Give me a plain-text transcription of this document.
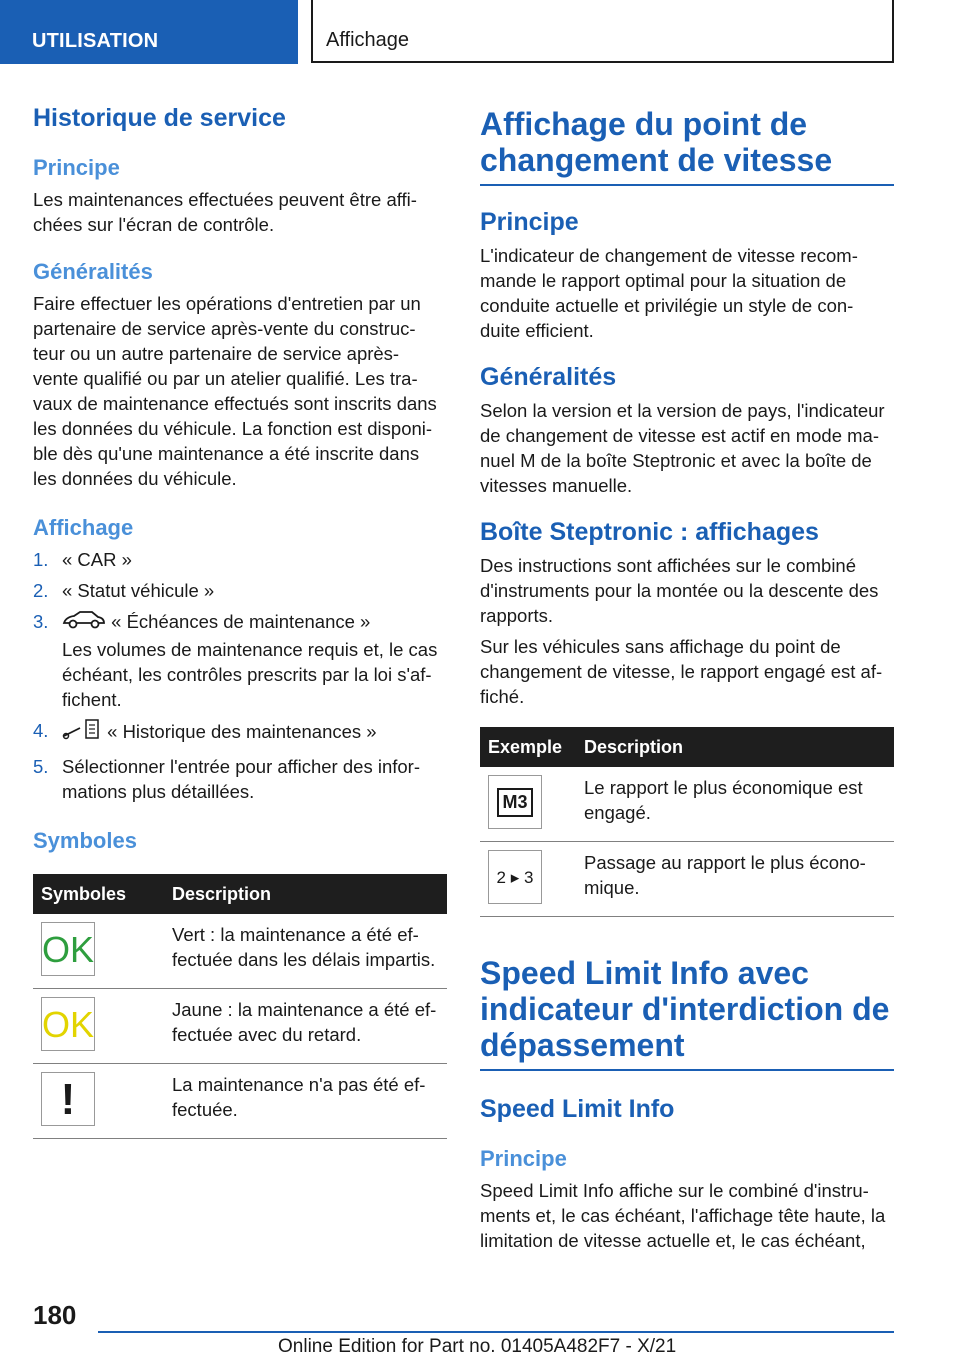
UTILISATION	Affichage
Historique de service
Principe

Les maintenances effectuées peuvent être affi‐ chées sur l'écran de contrôle.

Généralités

Faire effectuer les opérations d'entretien par un partenaire de service après-vente du construc‐ teur ou un autre partenaire de service après- vente qualifié ou par un atelier qualifié. Les tra‐ vaux de maintenance effectués sont inscrits dans les données du véhicule. La fonction est disponi‐ ble dès qu'une maintenance a été inscrite dans les données du véhicule.

Affichage
1. « CAR »
2. « Statut véhicule »
3.	« Échéances de maintenance »
Les volumes de maintenance requis et, le cas échéant, les contrôles prescrits par la loi s'af‐ fichent.
4.	« Historique des maintenances »
5. Sélectionner l'entrée pour afficher des infor‐ mations plus détaillées.
Symboles
Symboles	Description

OK	Vert : la maintenance a été ef‐ fectuée dans les délais impartis.

OK	Jaune : la maintenance a été ef‐ fectuée avec du retard.

!	La maintenance n'a pas été ef‐ fectuée.
Affichage du point de changement de vitesse
Principe

L'indicateur de changement de vitesse recom‐ mande le rapport optimal pour la situation de conduite actuelle et privilégie un style de con‐ duite efficient.

Généralités

Selon la version et la version de pays, l'indicateur de changement de vitesse est actif en mode ma‐ nuel M de la boîte Steptronic et avec la boîte de vitesses manuelle.

Boîte Steptronic : affichages

Des instructions sont affichées sur le combiné d'instruments pour la montée ou la descente des rapports.

Sur les véhicules sans affichage du point de changement de vitesse, le rapport engagé est af‐ fiché.

Exemple	Description

M3	Le rapport le plus économique est engagé.

2 ▸ 3	Passage au rapport le plus écono‐ mique.
Speed Limit Info avec indicateur d'interdiction de dépassement
Speed Limit Info
Principe

Speed Limit Info affiche sur le combiné d'instru‐ ments et, le cas échéant, l'affichage tête haute, la limitation de vitesse actuelle et, le cas échéant,

180
Online Edition for Part no. 01405A482F7 - X/21
